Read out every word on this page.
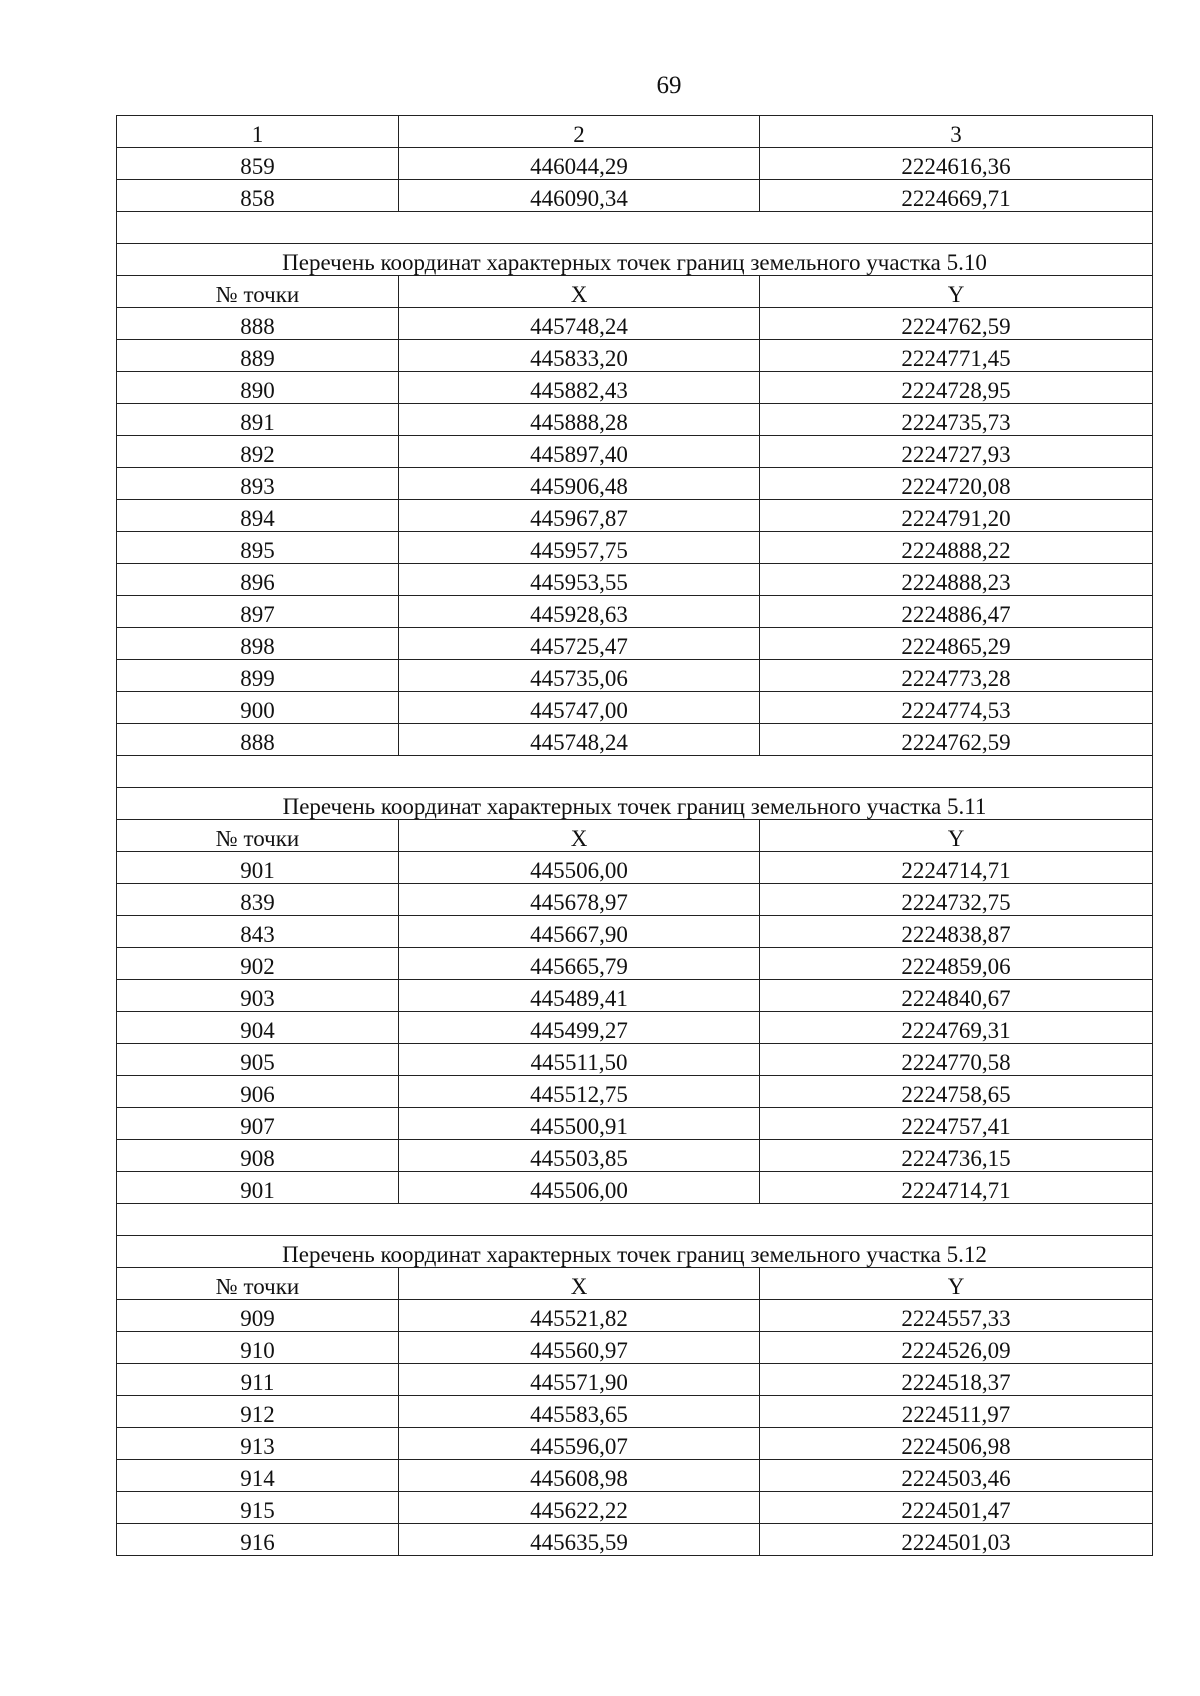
69
1	2	3
859	446044,29	2224616,36
858	446090,34	2224669,71

Перечень координат характерных точек границ земельного участка 5.10		
№ точки	X	Y
888	445748,24	2224762,59
889	445833,20	2224771,45
890	445882,43	2224728,95
891	445888,28	2224735,73
892	445897,40	2224727,93
893	445906,48	2224720,08
894	445967,87	2224791,20
895	445957,75	2224888,22
896	445953,55	2224888,23
897	445928,63	2224886,47
898	445725,47	2224865,29
899	445735,06	2224773,28
900	445747,00	2224774,53
888	445748,24	2224762,59

Перечень координат характерных точек границ земельного участка 5.11		
№ точки	X	Y
901	445506,00	2224714,71
839	445678,97	2224732,75
843	445667,90	2224838,87
902	445665,79	2224859,06
903	445489,41	2224840,67
904	445499,27	2224769,31
905	445511,50	2224770,58
906	445512,75	2224758,65
907	445500,91	2224757,41
908	445503,85	2224736,15
901	445506,00	2224714,71

Перечень координат характерных точек границ земельного участка 5.12		
№ точки	X	Y
909	445521,82	2224557,33
910	445560,97	2224526,09
911	445571,90	2224518,37
912	445583,65	2224511,97
913	445596,07	2224506,98
914	445608,98	2224503,46
915	445622,22	2224501,47
916	445635,59	2224501,03
